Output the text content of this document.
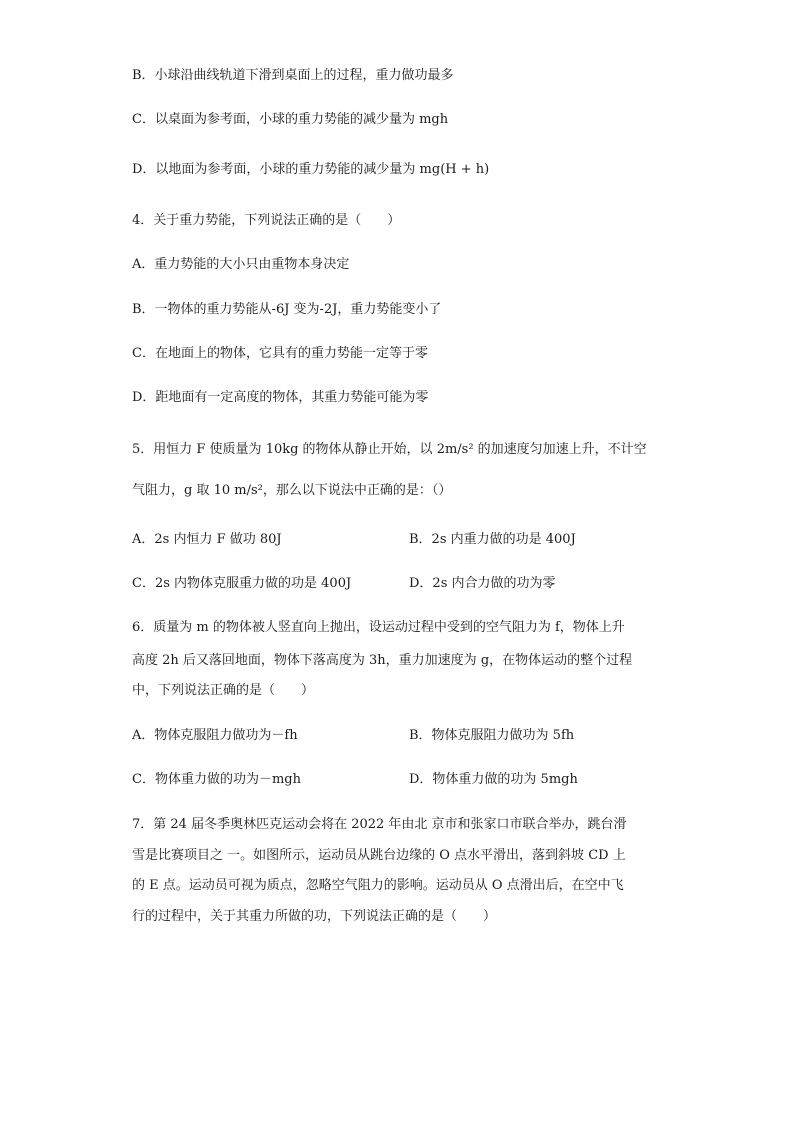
B．小球沿曲线轨道下滑到桌面上的过程，重力做功最多
C．以桌面为参考面，小球的重力势能的减少量为 mgh
D．以地面为参考面，小球的重力势能的减少量为 mg(H + h)
4．关于重力势能，下列说法正确的是（　　）
A．重力势能的大小只由重物本身决定
B．一物体的重力势能从-6J 变为-2J，重力势能变小了
C．在地面上的物体，它具有的重力势能一定等于零
D．距地面有一定高度的物体，其重力势能可能为零
5．用恒力 F 使质量为 10kg 的物体从静止开始，以 2m/s² 的加速度匀加速上升，不计空
气阻力，g 取 10 m/s²，那么以下说法中正确的是：（）
A．2s 内恒力 F 做功 80J	B．2s 内重力做的功是 400J
C．2s 内物体克服重力做的功是 400J	D．2s 内合力做的功为零
6．质量为 m 的物体被人竖直向上抛出，设运动过程中受到的空气阻力为 f，物体上升
高度 2h 后又落回地面，物体下落高度为 3h，重力加速度为 g，在物体运动的整个过程
中，下列说法正确的是（　　）
A．物体克服阻力做功为－fh	B．物体克服阻力做功为 5fh
C．物体重力做的功为－mgh	D．物体重力做的功为 5mgh
7．第 24 届冬季奥林匹克运动会将在 2022 年由北 京市和张家口市联合举办，跳台滑
雪是比赛项目之 一。如图所示，运动员从跳台边缘的 O 点水平滑出，落到斜坡 CD 上
的 E 点。运动员可视为质点，忽略空气阻力的影响。运动员从 O 点滑出后，在空中飞
行的过程中，关于其重力所做的功，下列说法正确的是（　　）
